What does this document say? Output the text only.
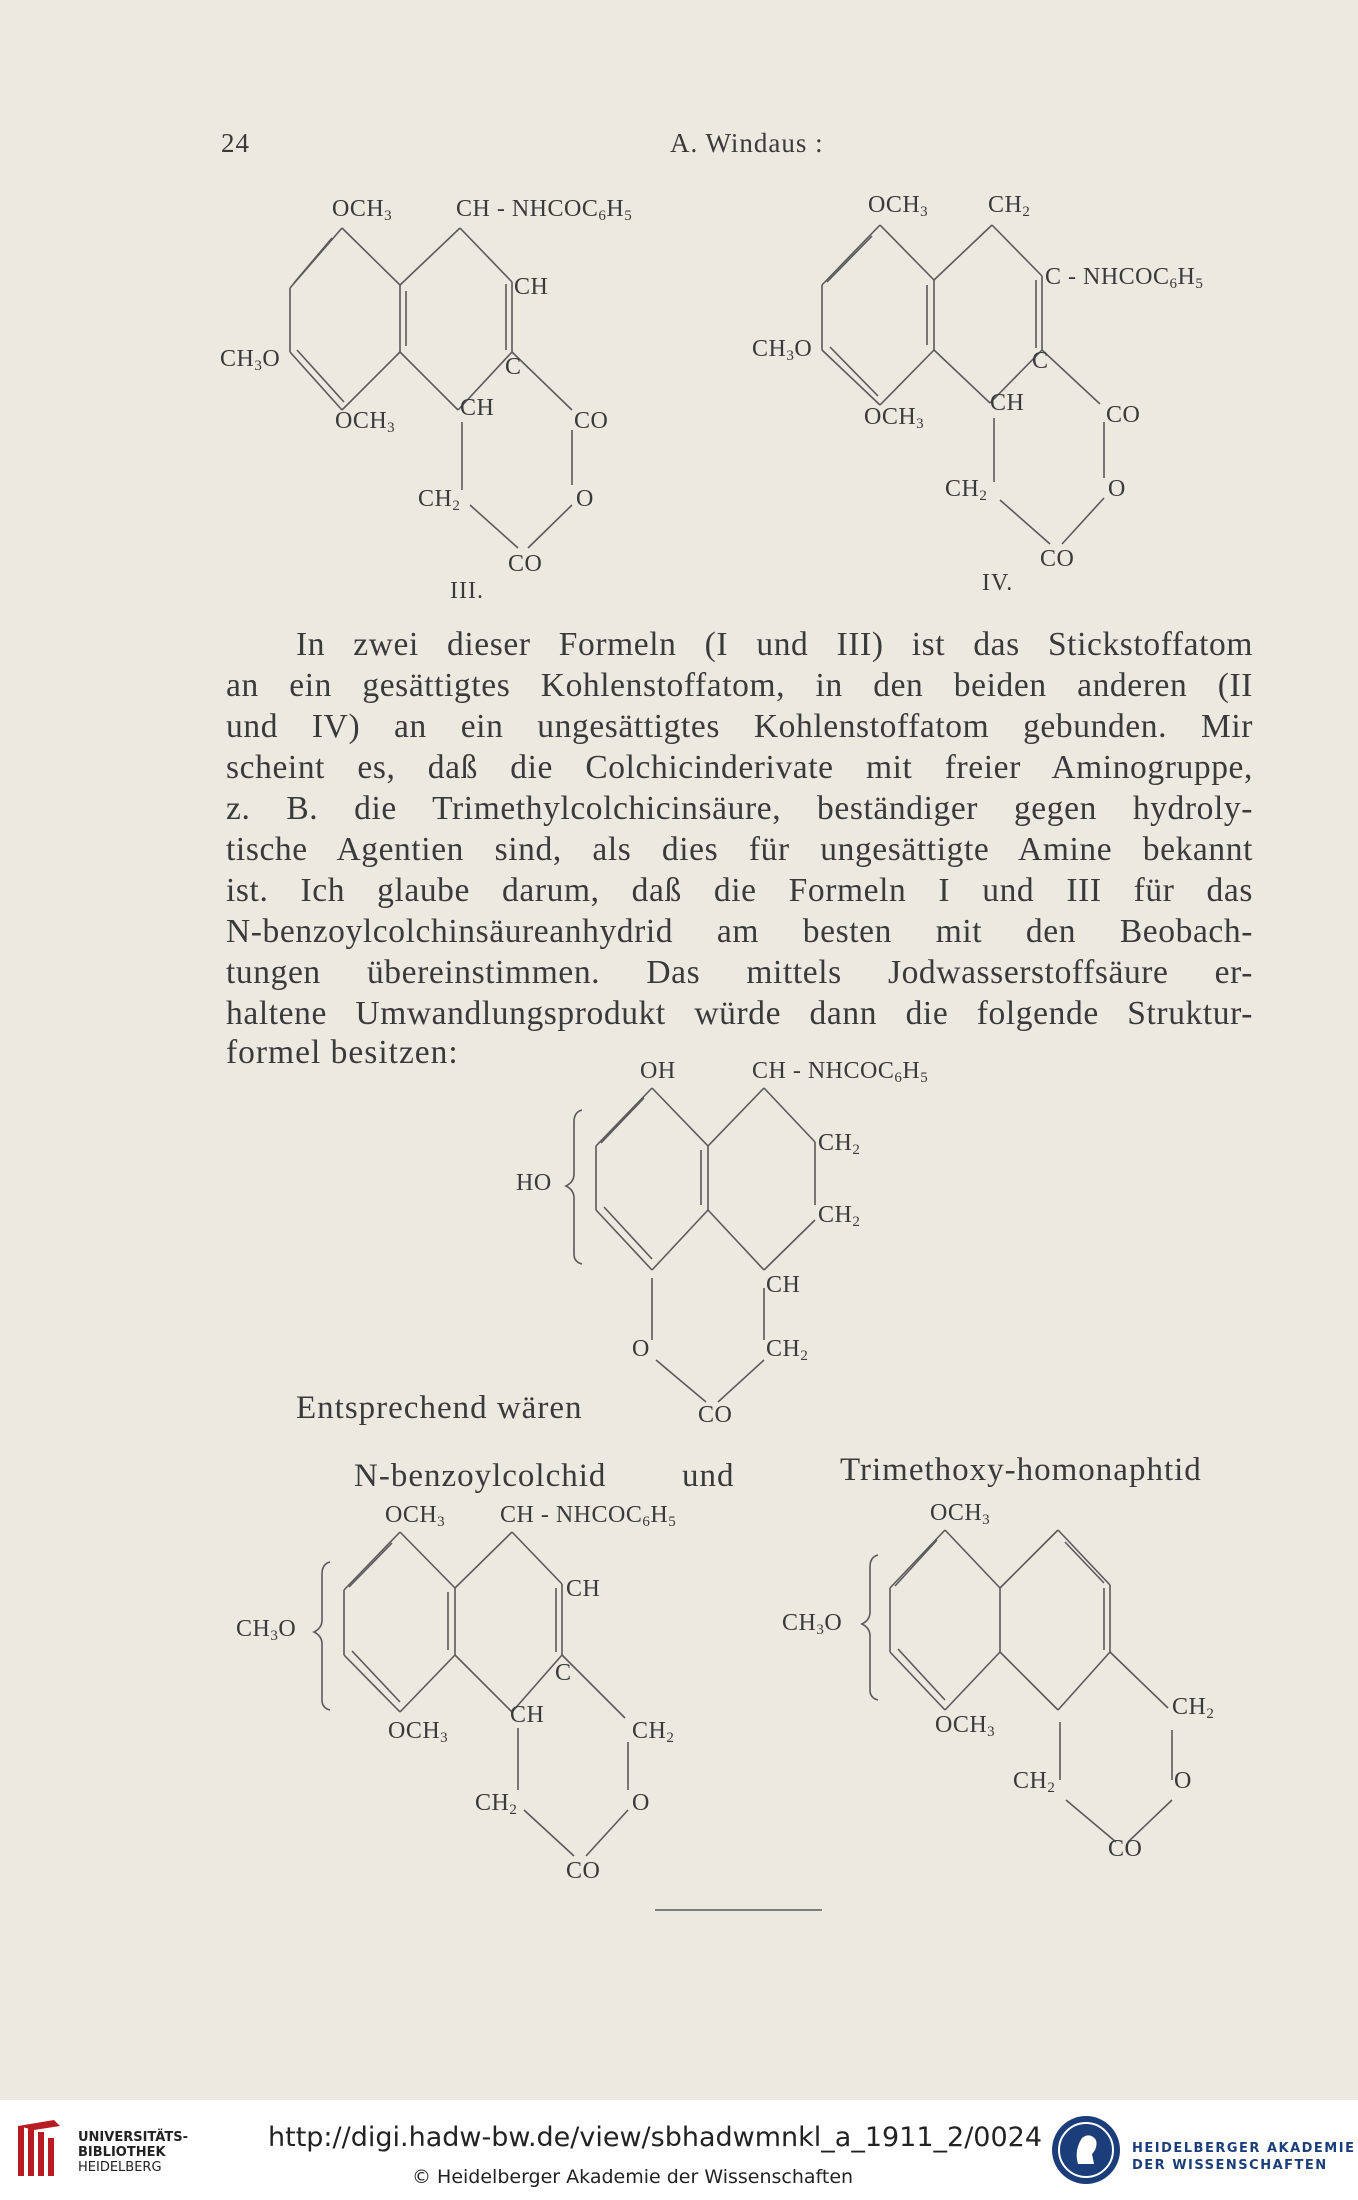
24	A. Windaus :
$OCH_3$	CH - $NHCOC_6H_5$
CH
$CH_3O$	C
$OCH_3$
CH	CO
$CH_2$	O
CO
III.
$OCH_3$ $CH_2$
C - $NHCOC_6H_5$
$CH_3O$	C
$OCH_3$
CH	CO
$CH_2$	O
CO
IV.
In zwei dieser Formeln (I und III) ist das Stickstoffatom
an ein gesättigtes Kohlenstoffatom, in den beiden anderen (II
und IV) an ein ungesättigtes Kohlenstoffatom gebunden. Mir
scheint es, daß die Colchicinderivate mit freier Aminogruppe,
z. B. die Trimethylcolchicinsäure, beständiger gegen hydroly-
tische Agentien sind, als dies für ungesättigte Amine bekannt
ist. Ich glaube darum, daß die Formeln I und III für das
N-benzoylcolchinsäureanhydrid am besten mit den Beobach-
tungen übereinstimmen. Das mittels Jodwasserstoffsäure er-
haltene Umwandlungsprodukt würde dann die folgende Struktur-
formel besitzen:	OH	CH - $NHCOC_6H_5$
$CH_2$
HO
$CH_2$
CH
O	$CH_2$
CO
Entsprechend wären
N-benzoylcolchid und	Trimethoxy-homonaphtid
$OCH_3$ CH - $NHCOC_6H_5$
CH
$CH_3O$
C
$OCH_3$
CH
$CH_2$
$CH_2$	O
CO
$OCH_3$
$CH_3O$
$CH_2$
$OCH_3$
$CH_2$	O
CO
UNIVERSITÄTS-
BIBLIOTHEK
HEIDELBERG
http://digi.hadw-bw.de/view/sbhadwmnkl_a_1911_2/0024
© Heidelberger Akademie der Wissenschaften
HEIDELBERGER AKADEMIE
DER WISSENSCHAFTEN
